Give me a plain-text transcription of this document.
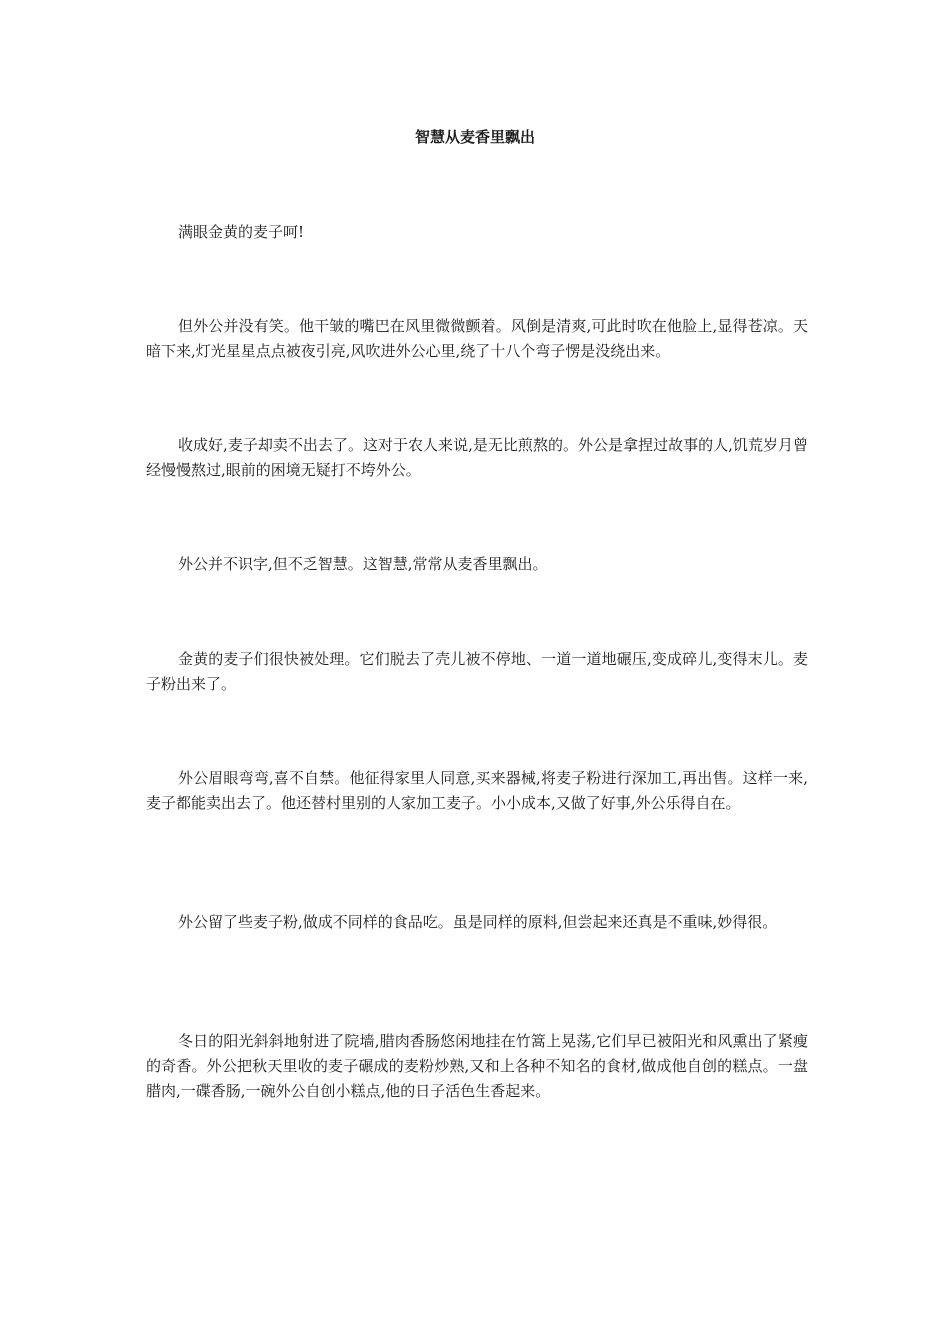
智慧从麦香里飘出

满眼金黄的麦子呵!

但外公并没有笑。他干皱的嘴巴在风里微微颤着。风倒是清爽,可此时吹在他脸上,显得苍凉。天暗下来,灯光星星点点被夜引亮,风吹进外公心里,绕了十八个弯子愣是没绕出来。

收成好,麦子却卖不出去了。这对于农人来说,是无比煎熬的。外公是拿捏过故事的人,饥荒岁月曾经慢慢熬过,眼前的困境无疑打不垮外公。

外公并不识字,但不乏智慧。这智慧,常常从麦香里飘出。

金黄的麦子们很快被处理。它们脱去了壳儿被不停地、一道一道地碾压,变成碎儿,变得末儿。麦子粉出来了。

外公眉眼弯弯,喜不自禁。他征得家里人同意,买来器械,将麦子粉进行深加工,再出售。这样一来,麦子都能卖出去了。他还替村里别的人家加工麦子。小小成本,又做了好事,外公乐得自在。

外公留了些麦子粉,做成不同样的食品吃。虽是同样的原料,但尝起来还真是不重味,妙得很。

冬日的阳光斜斜地射进了院墙,腊肉香肠悠闲地挂在竹篙上晃荡,它们早已被阳光和风熏出了紧瘦的奇香。外公把秋天里收的麦子碾成的麦粉炒熟,又和上各种不知名的食材,做成他自创的糕点。一盘腊肉,一碟香肠,一碗外公自创小糕点,他的日子活色生香起来。
